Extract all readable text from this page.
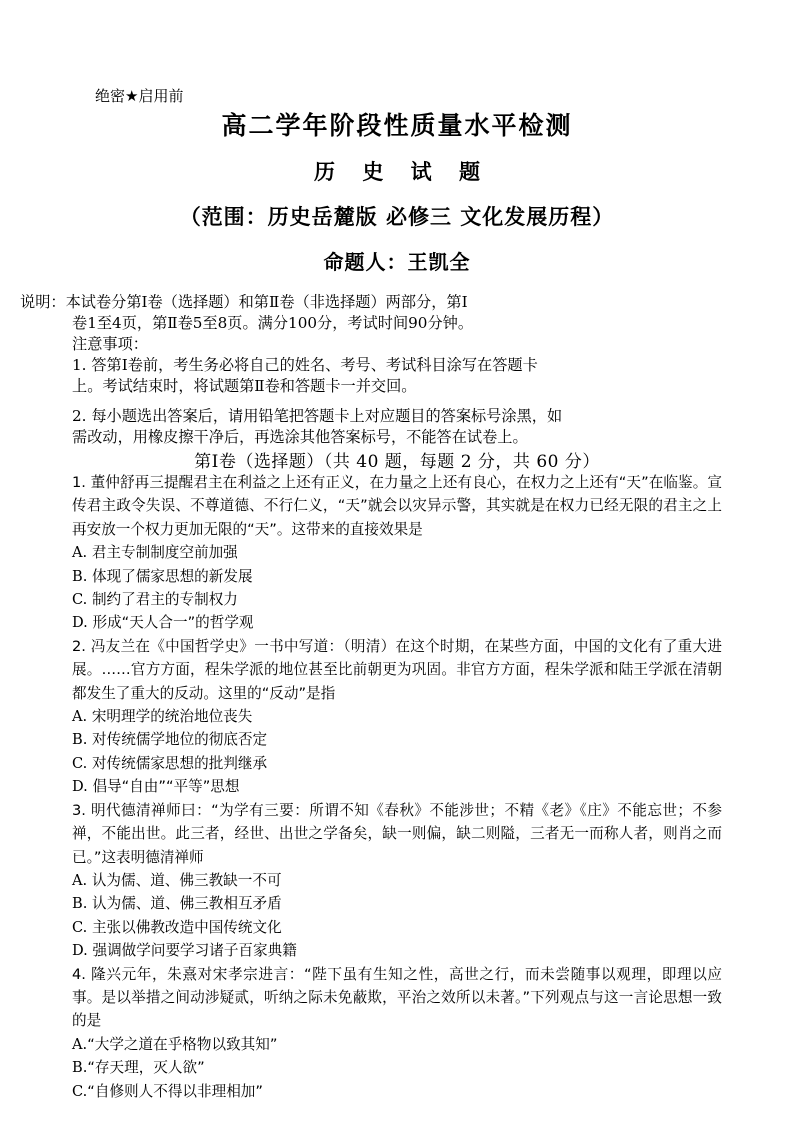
绝密★启用前
高二学年阶段性质量水平检测
历 史 试 题
（范围：历史岳麓版 必修三 文化发展历程）
命题人：王凯全

说明：本试卷分第Ⅰ卷（选择题）和第Ⅱ卷（非选择题）两部分，第Ⅰ

卷1至4页，第Ⅱ卷5至8页。满分100分，考试时间90分钟。

注意事项：

1. 答第Ⅰ卷前，考生务必将自己的姓名、考号、考试科目涂写在答题卡

上。考试结束时，将试题第Ⅱ卷和答题卡一并交回。

2. 每小题选出答案后，请用铅笔把答题卡上对应题目的答案标号涂黑，如

需改动，用橡皮擦干净后，再选涂其他答案标号，不能答在试卷上。

第Ⅰ卷（选择题）（共 40 题，每题 2 分，共 60 分）

1. 董仲舒再三提醒君主在利益之上还有正义，在力量之上还有良心，在权力之上还有“天”在临鉴。宣传君主政令失误、不尊道德、不行仁义，“天”就会以灾异示警，其实就是在权力已经无限的君主之上再安放一个权力更加无限的“天”。这带来的直接效果是

A. 君主专制制度空前加强

B. 体现了儒家思想的新发展

C. 制约了君主的专制权力

D. 形成“天人合一”的哲学观

2. 冯友兰在《中国哲学史》一书中写道：（明清）在这个时期，在某些方面，中国的文化有了重大进展。……官方方面，程朱学派的地位甚至比前朝更为巩固。非官方方面，程朱学派和陆王学派在清朝都发生了重大的反动。这里的“反动”是指

A. 宋明理学的统治地位丧失

B. 对传统儒学地位的彻底否定

C. 对传统儒家思想的批判继承

D. 倡导“自由”“平等”思想

3. 明代德清禅师曰：“为学有三要：所谓不知《春秋》不能涉世；不精《老》《庄》不能忘世；不参禅，不能出世。此三者，经世、出世之学备矣，缺一则偏，缺二则隘，三者无一而称人者，则肖之而已。”这表明德清禅师

A. 认为儒、道、佛三教缺一不可

B. 认为儒、道、佛三教相互矛盾

C. 主张以佛教改造中国传统文化

D. 强调做学问要学习诸子百家典籍

4. 隆兴元年，朱熹对宋孝宗进言：“陛下虽有生知之性，高世之行，而未尝随事以观理，即理以应事。是以举措之间动涉疑贰，听纳之际未免蔽欺，平治之效所以未著。”下列观点与这一言论思想一致的是

A.“大学之道在乎格物以致其知”

B.“存天理，灭人欲”

C.“自修则人不得以非理相加”
